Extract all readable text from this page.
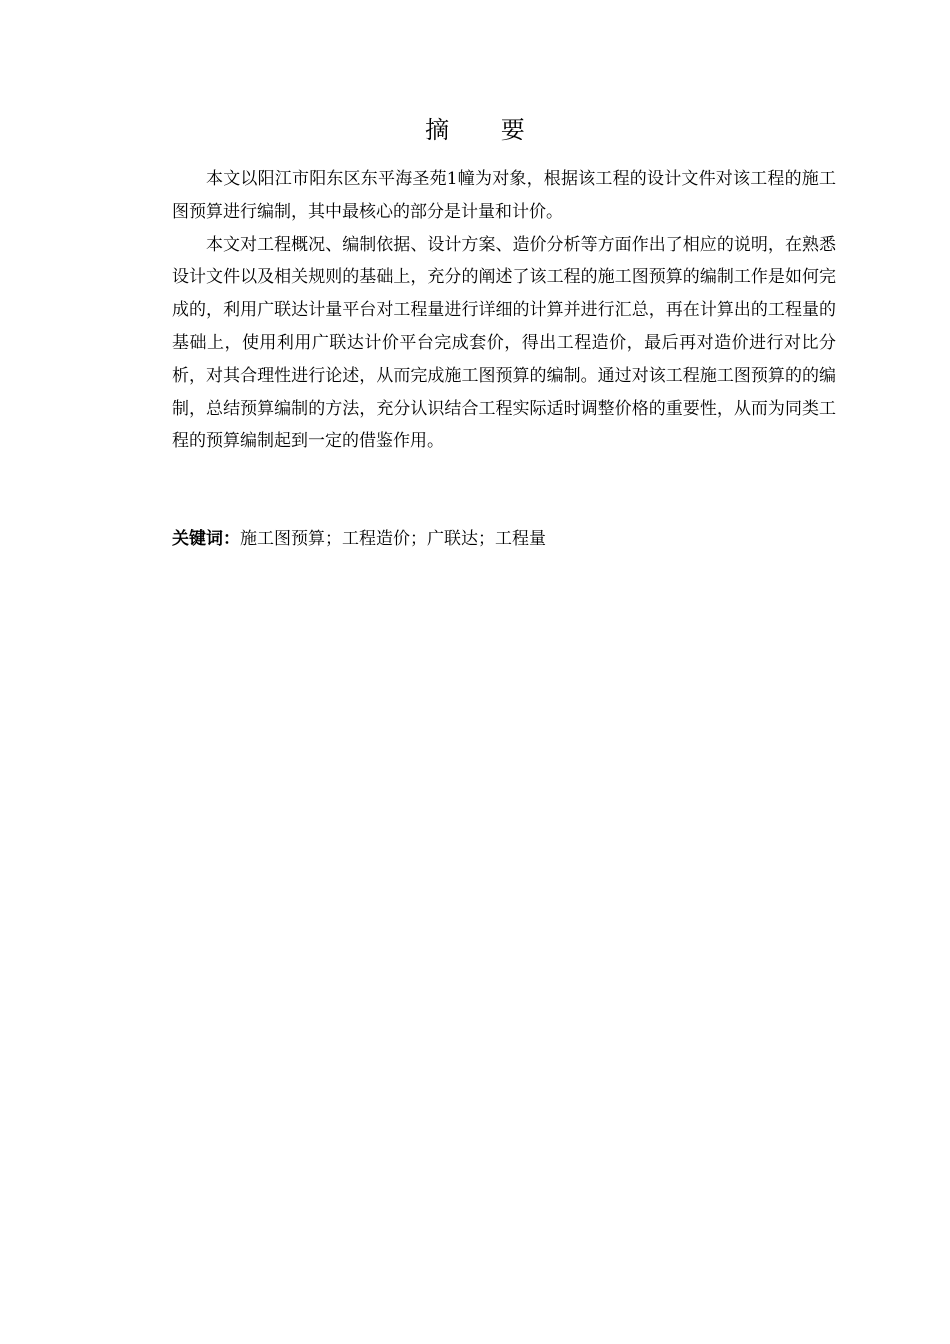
摘 要

本文以阳江市阳东区东平海圣苑1幢为对象，根据该工程的设计文件对该工程的施工图预算进行编制，其中最核心的部分是计量和计价。

本文对工程概况、编制依据、设计方案、造价分析等方面作出了相应的说明，在熟悉设计文件以及相关规则的基础上，充分的阐述了该工程的施工图预算的编制工作是如何完成的，利用广联达计量平台对工程量进行详细的计算并进行汇总，再在计算出的工程量的基础上，使用利用广联达计价平台完成套价，得出工程造价，最后再对造价进行对比分析，对其合理性进行论述，从而完成施工图预算的编制。通过对该工程施工图预算的的编制，总结预算编制的方法，充分认识结合工程实际适时调整价格的重要性，从而为同类工程的预算编制起到一定的借鉴作用。

关键词：施工图预算；工程造价；广联达；工程量
